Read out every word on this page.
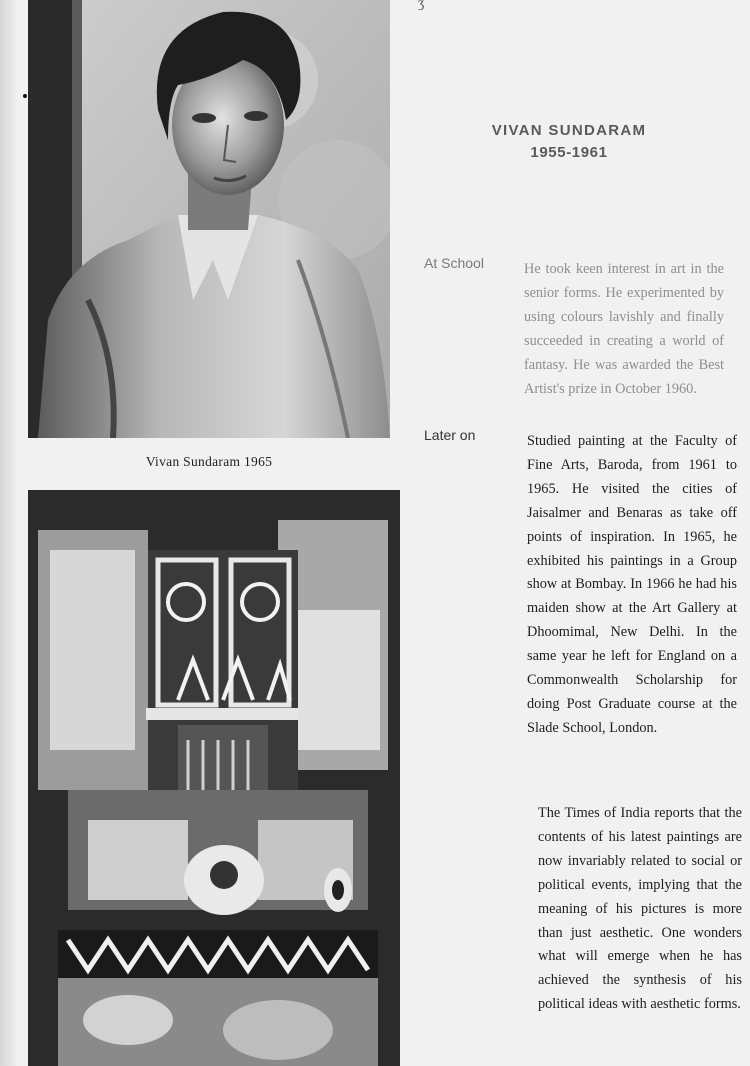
ʒ
Vivan Sundaram 1965
VIVAN SUNDARAM
1955-1961
At School	He took keen interest in art in the senior forms. He experimented by using colours lavishly and finally succeeded in creating a world of fantasy. He was awarded the Best Artist's prize in October 1960.

Later on	Studied painting at the Faculty of Fine Arts, Baroda, from 1961 to 1965. He visited the cities of Jaisalmer and Benaras as take off points of inspiration. In 1965, he exhibited his paintings in a Group show at Bombay. In 1966 he had his maiden show at the Art Gallery at Dhoomimal, New Delhi. In the same year he left for England on a Commonwealth Scholarship for doing Post Graduate course at the Slade School, London.

The Times of India reports that the contents of his latest paintings are now invariably related to social or political events, implying that the meaning of his pictures is more than just aesthetic. One wonders what will emerge when he has achieved the synthesis of his political ideas with aesthetic forms.
